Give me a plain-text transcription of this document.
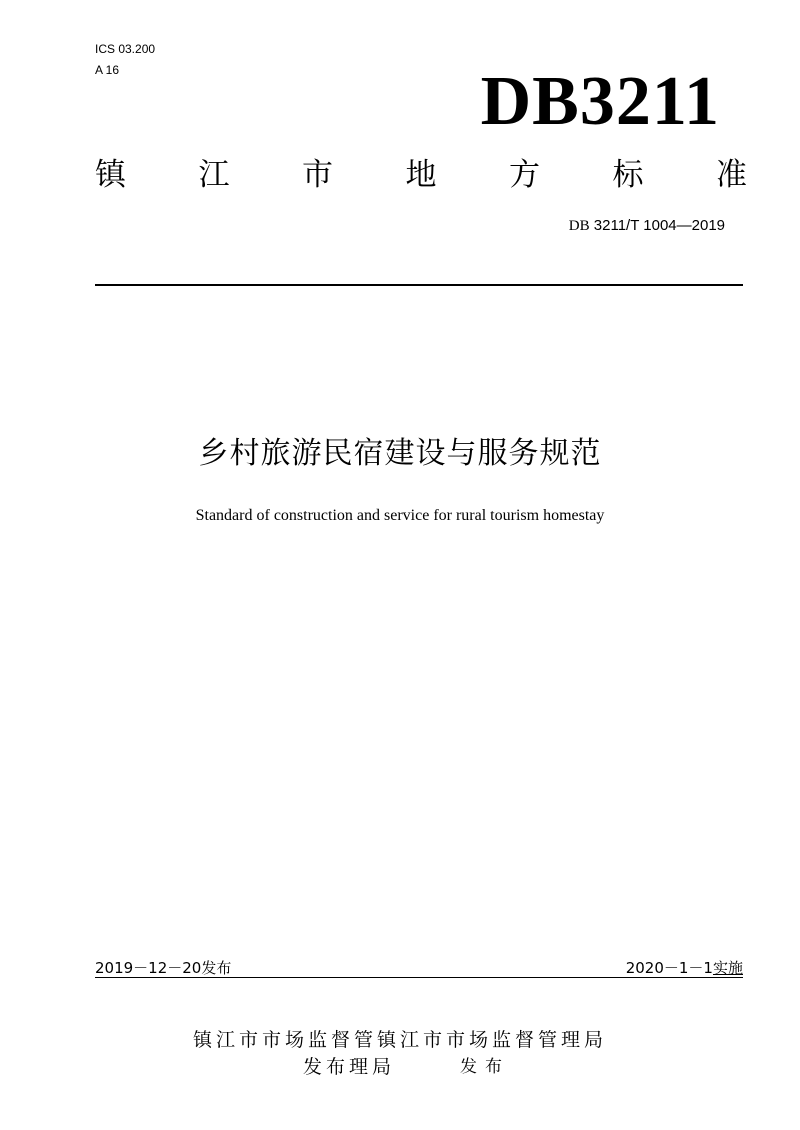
ICS 03.200
A 16	DB3211
镇 江 市 地 方 标 准
DB 3211/T 1004—2019
乡村旅游民宿建设与服务规范
Standard of construction and service for rural tourism homestay
2019－12－20发布	2020－1－1实施
镇江市市场监督管镇江市市场监督管理局
发布理局	发布
